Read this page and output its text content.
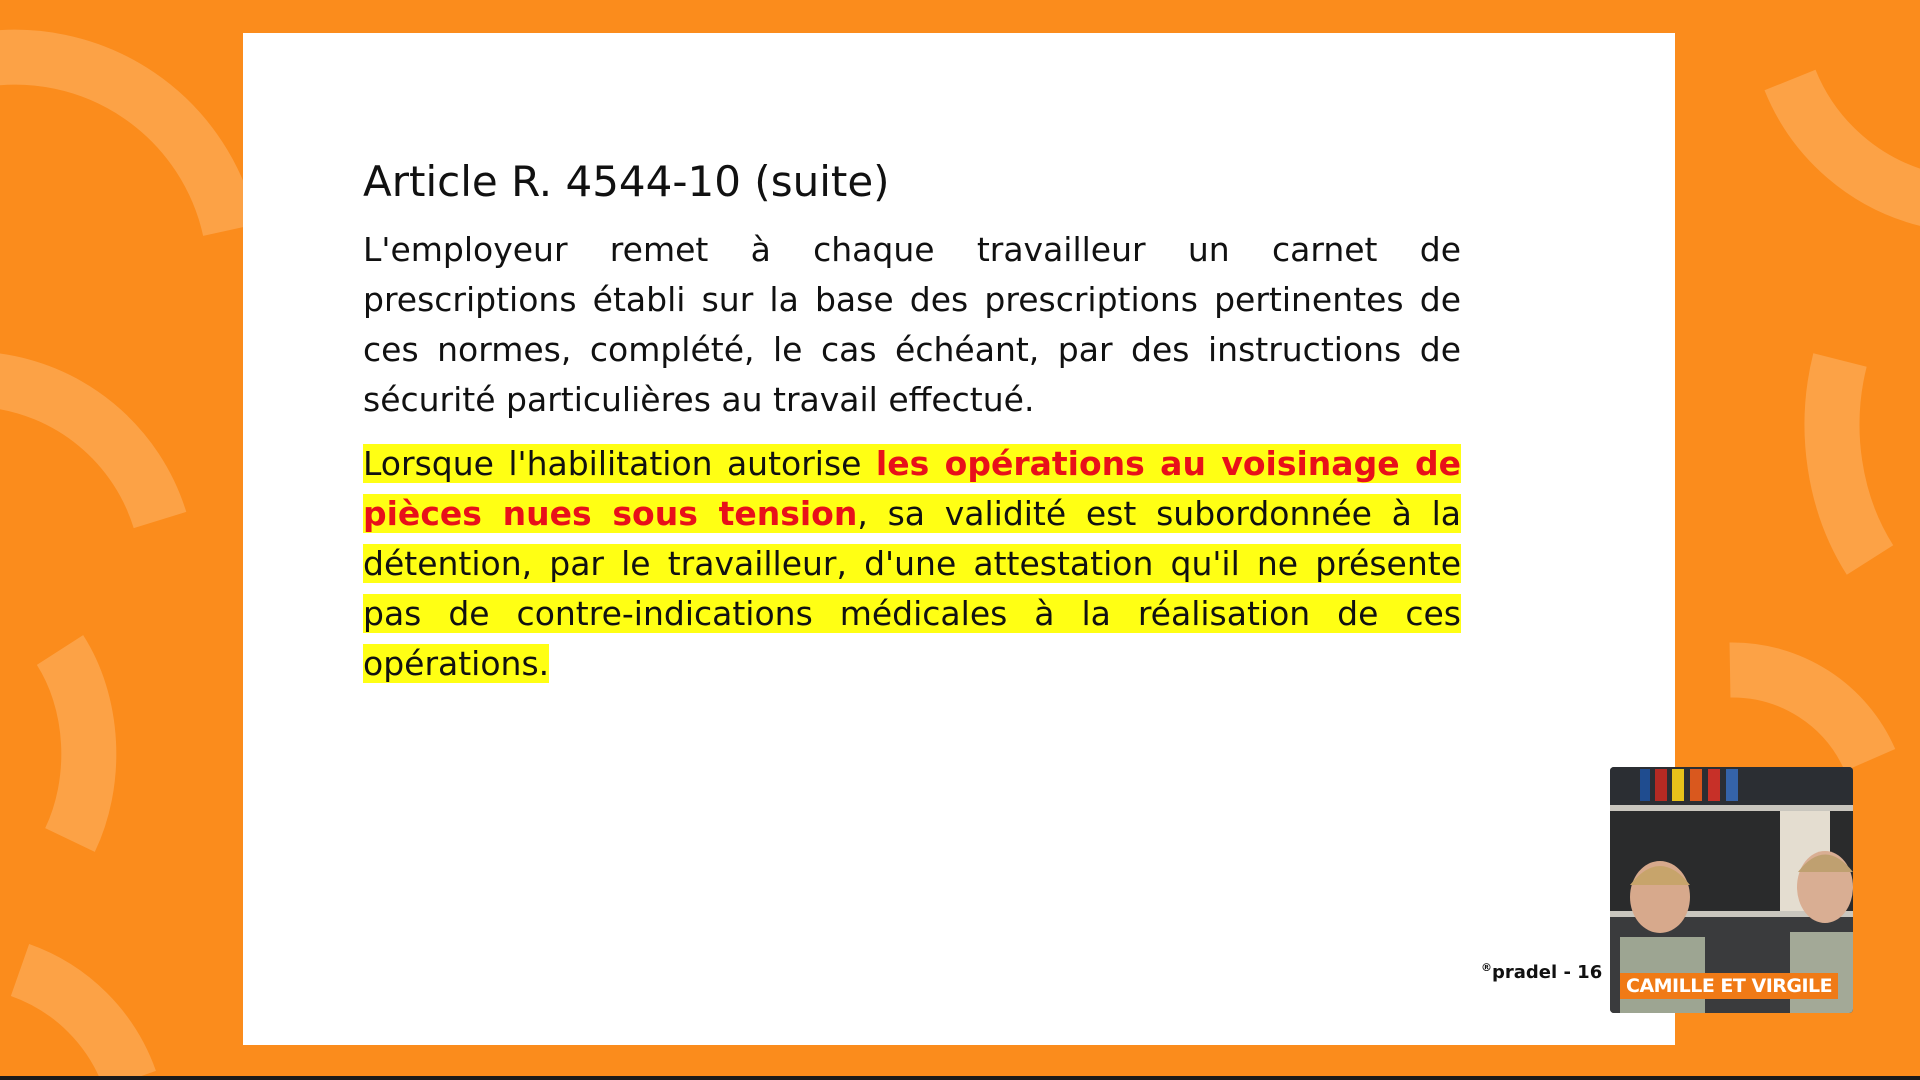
Article R. 4544-10 (suite)

L'employeur remet à chaque travailleur un carnet de prescriptions établi sur la base des prescriptions pertinentes de ces normes, complété, le cas échéant, par des instructions de sécurité particulières au travail effectué.

Lorsque l'habilitation autorise les opérations au voisinage de pièces nues sous tension, sa validité est subordonnée à la détention, par le travailleur, d'une attestation qu'il ne présente pas de contre-indications médicales à la réalisation de ces opérations.

®pradel - 16
CAMILLE ET VIRGILE
